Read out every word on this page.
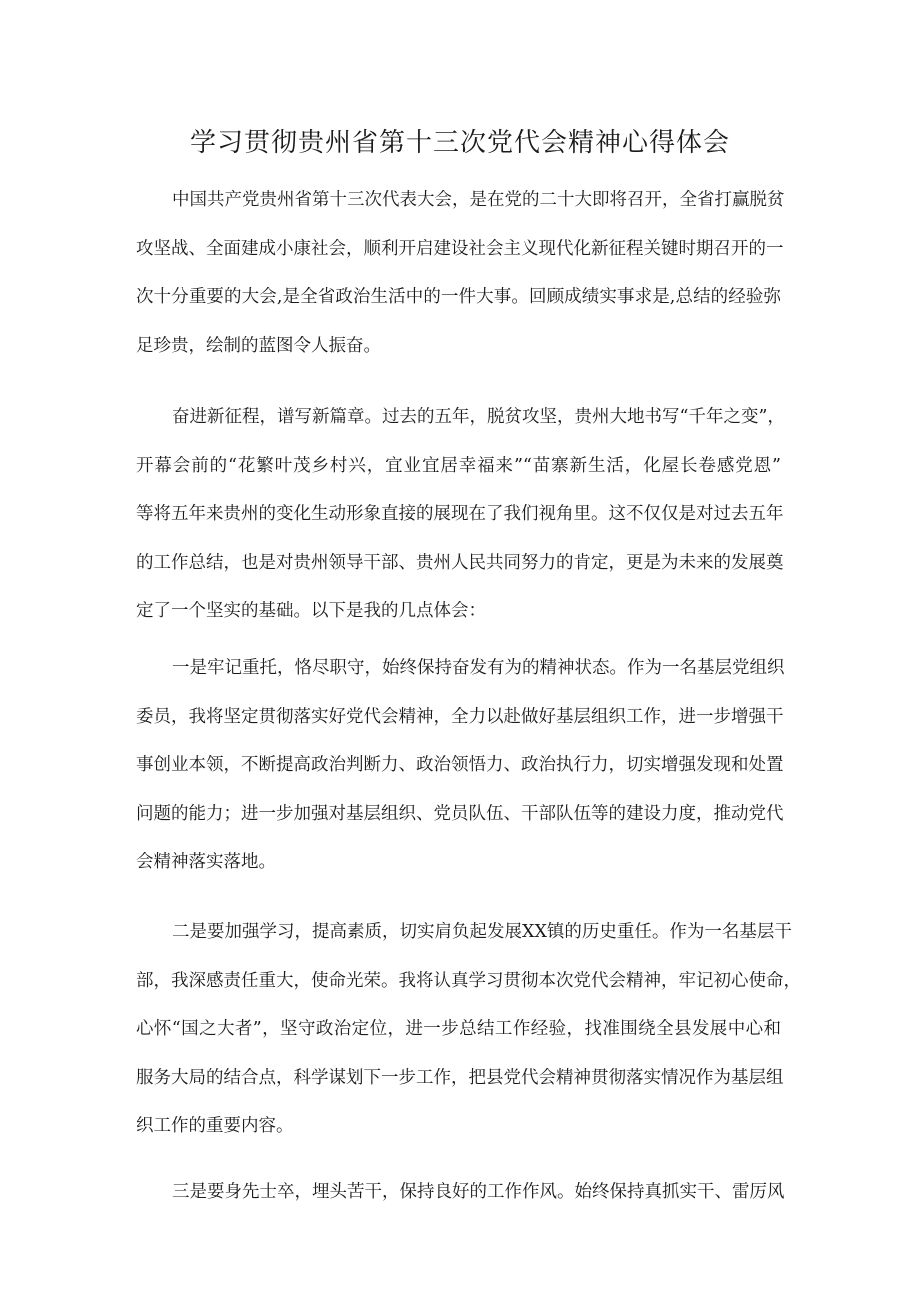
学习贯彻贵州省第十三次党代会精神心得体会
中国共产党贵州省第十三次代表大会，是在党的二十大即将召开，全省打赢脱贫
攻坚战、全面建成小康社会，顺利开启建设社会主义现代化新征程关键时期召开的一
次十分重要的大会,是全省政治生活中的一件大事。回顾成绩实事求是,总结的经验弥
足珍贵，绘制的蓝图令人振奋。
奋进新征程，谱写新篇章。过去的五年，脱贫攻坚，贵州大地书写“千年之变”，
开幕会前的“花繁叶茂乡村兴，宜业宜居幸福来”“苗寨新生活，化屋长卷感党恩”
等将五年来贵州的变化生动形象直接的展现在了我们视角里。这不仅仅是对过去五年
的工作总结，也是对贵州领导干部、贵州人民共同努力的肯定，更是为未来的发展奠
定了一个坚实的基础。以下是我的几点体会：
一是牢记重托，恪尽职守，始终保持奋发有为的精神状态。作为一名基层党组织
委员，我将坚定贯彻落实好党代会精神，全力以赴做好基层组织工作，进一步增强干
事创业本领，不断提高政治判断力、政治领悟力、政治执行力，切实增强发现和处置
问题的能力；进一步加强对基层组织、党员队伍、干部队伍等的建设力度，推动党代
会精神落实落地。
二是要加强学习，提高素质，切实肩负起发展XX镇的历史重任。作为一名基层干
部，我深感责任重大，使命光荣。我将认真学习贯彻本次党代会精神，牢记初心使命，
心怀“国之大者”，坚守政治定位，进一步总结工作经验，找准围绕全县发展中心和
服务大局的结合点，科学谋划下一步工作，把县党代会精神贯彻落实情况作为基层组
织工作的重要内容。
三是要身先士卒，埋头苦干，保持良好的工作作风。始终保持真抓实干、雷厉风
